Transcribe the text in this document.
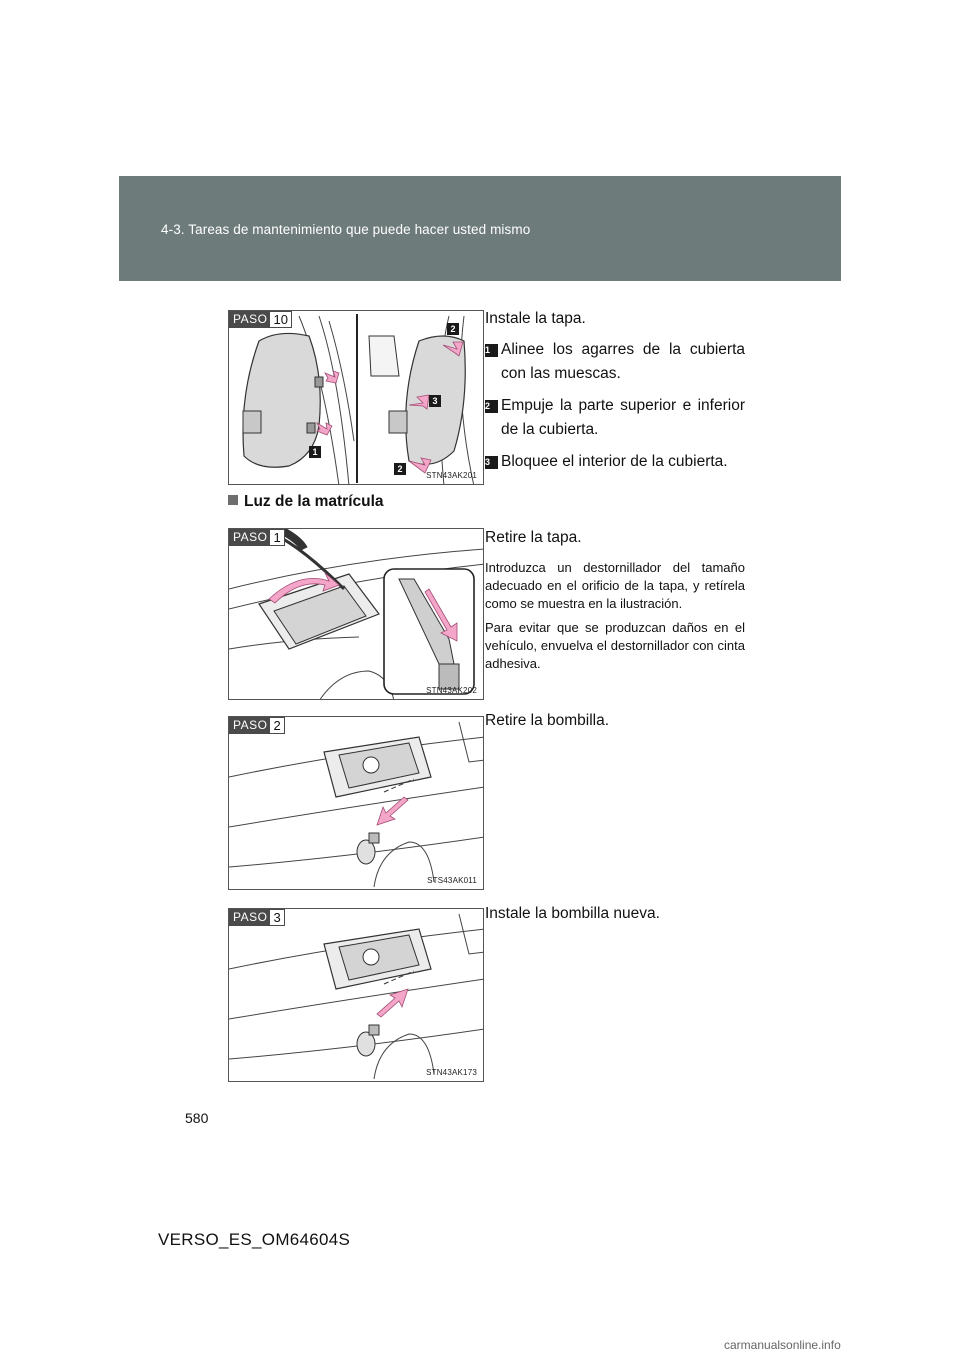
4-3. Tareas de mantenimiento que puede hacer usted mismo
PASO 10
2
3
1
2
STN43AK201
Instale la tapa.
1 Alinee los agarres de la cubierta con las muescas.
2 Empuje la parte superior e inferior de la cubierta.
3 Bloquee el interior de la cubierta.
Luz de la matrícula
PASO 1
STN43AK202
Retire la tapa.
Introduzca un destornillador del tamaño adecuado en el orificio de la tapa, y retírela como se muestra en la ilustración.
Para evitar que se produzcan daños en el vehículo, envuelva el destornillador con cinta adhesiva.
PASO 2
STS43AK011
Retire la bombilla.
PASO 3
STN43AK173
Instale la bombilla nueva.
580
VERSO_ES_OM64604S
carmanualsonline.info
